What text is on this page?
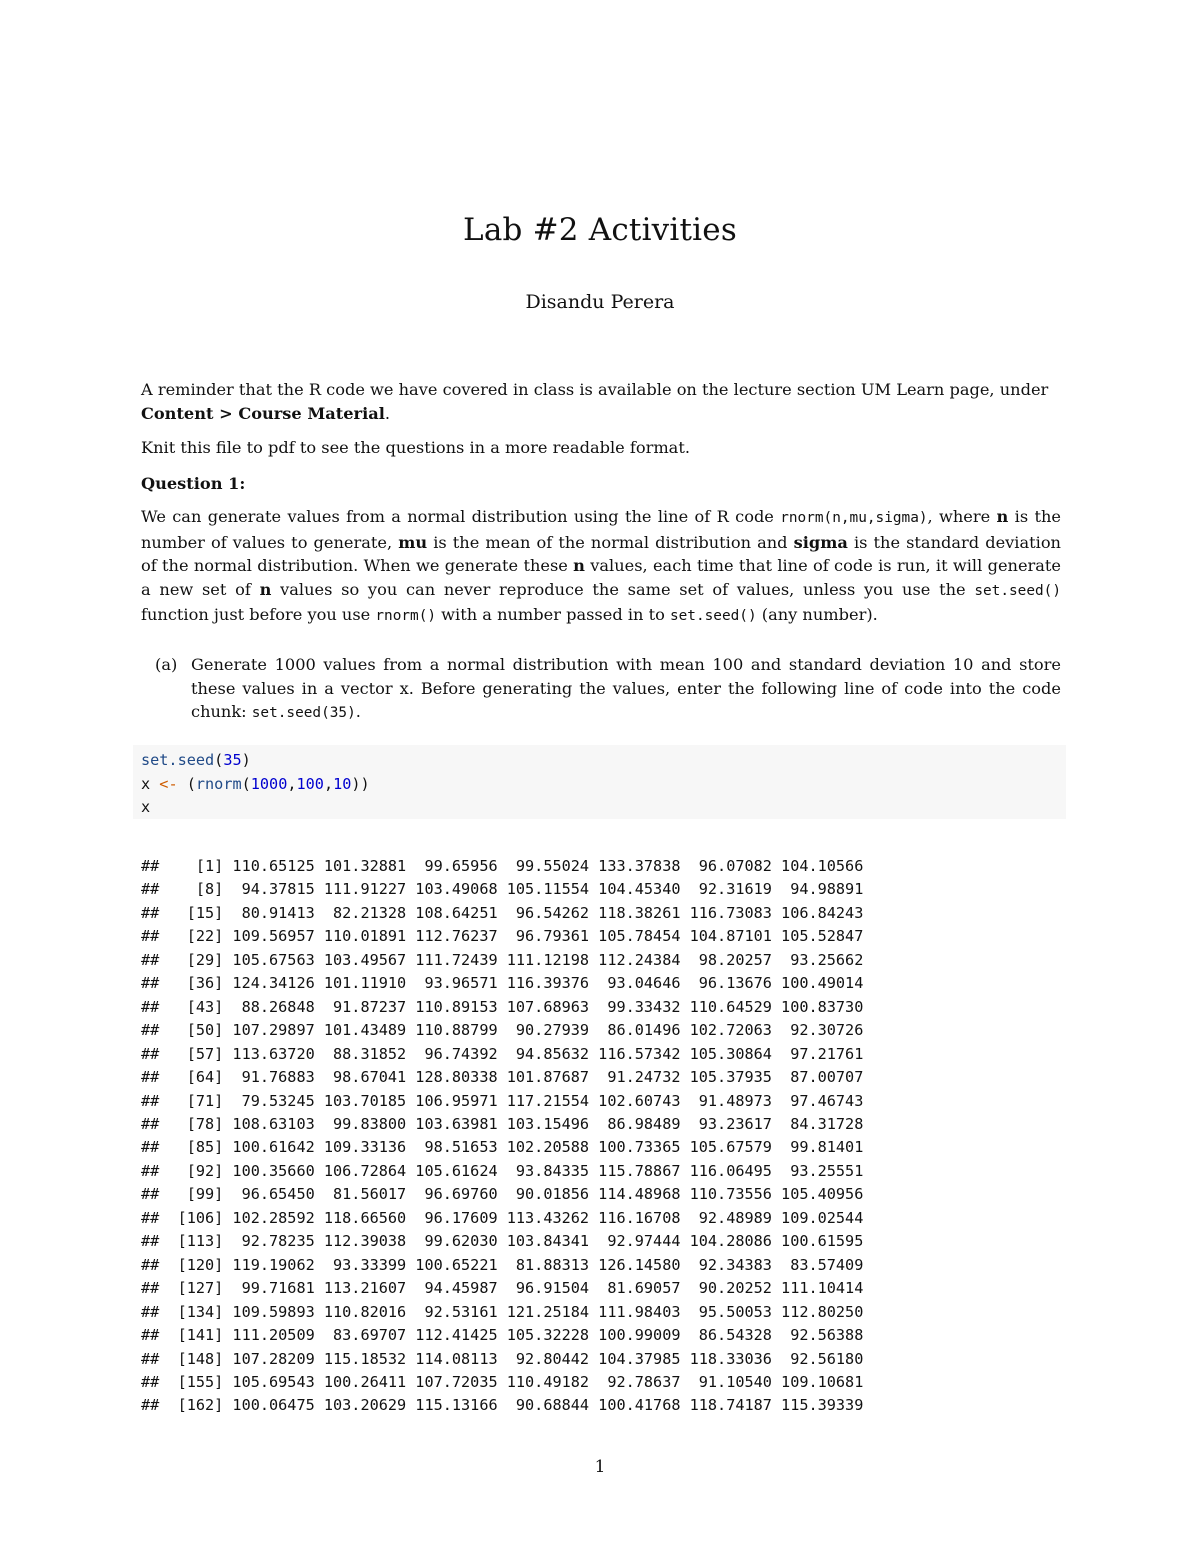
Lab #2 Activities
Disandu Perera
A reminder that the R code we have covered in class is available on the lecture section UM Learn page, under Content > Course Material.
Knit this file to pdf to see the questions in a more readable format.
Question 1:
We can generate values from a normal distribution using the line of R code rnorm(n,mu,sigma), where n is the number of values to generate, mu is the mean of the normal distribution and sigma is the standard deviation of the normal distribution. When we generate these n values, each time that line of code is run, it will generate a new set of n values so you can never reproduce the same set of values, unless you use the set.seed() function just before you use rnorm() with a number passed in to set.seed() (any number).
(a) Generate 1000 values from a normal distribution with mean 100 and standard deviation 10 and store these values in a vector x. Before generating the values, enter the following line of code into the code chunk: set.seed(35).
set.seed(35)
x <- (rnorm(1000,100,10))
x
##    [1] 110.65125 101.32881  99.65956  99.55024 133.37838  96.07082 104.10566
##    [8]  94.37815 111.91227 103.49068 105.11554 104.45340  92.31619  94.98891
##   [15]  80.91413  82.21328 108.64251  96.54262 118.38261 116.73083 106.84243
##   [22] 109.56957 110.01891 112.76237  96.79361 105.78454 104.87101 105.52847
##   [29] 105.67563 103.49567 111.72439 111.12198 112.24384  98.20257  93.25662
##   [36] 124.34126 101.11910  93.96571 116.39376  93.04646  96.13676 100.49014
##   [43]  88.26848  91.87237 110.89153 107.68963  99.33432 110.64529 100.83730
##   [50] 107.29897 101.43489 110.88799  90.27939  86.01496 102.72063  92.30726
##   [57] 113.63720  88.31852  96.74392  94.85632 116.57342 105.30864  97.21761
##   [64]  91.76883  98.67041 128.80338 101.87687  91.24732 105.37935  87.00707
##   [71]  79.53245 103.70185 106.95971 117.21554 102.60743  91.48973  97.46743
##   [78] 108.63103  99.83800 103.63981 103.15496  86.98489  93.23617  84.31728
##   [85] 100.61642 109.33136  98.51653 102.20588 100.73365 105.67579  99.81401
##   [92] 100.35660 106.72864 105.61624  93.84335 115.78867 116.06495  93.25551
##   [99]  96.65450  81.56017  96.69760  90.01856 114.48968 110.73556 105.40956
##  [106] 102.28592 118.66560  96.17609 113.43262 116.16708  92.48989 109.02544
##  [113]  92.78235 112.39038  99.62030 103.84341  92.97444 104.28086 100.61595
##  [120] 119.19062  93.33399 100.65221  81.88313 126.14580  92.34383  83.57409
##  [127]  99.71681 113.21607  94.45987  96.91504  81.69057  90.20252 111.10414
##  [134] 109.59893 110.82016  92.53161 121.25184 111.98403  95.50053 112.80250
##  [141] 111.20509  83.69707 112.41425 105.32228 100.99009  86.54328  92.56388
##  [148] 107.28209 115.18532 114.08113  92.80442 104.37985 118.33036  92.56180
##  [155] 105.69543 100.26411 107.72035 110.49182  92.78637  91.10540 109.10681
##  [162] 100.06475 103.20629 115.13166  90.68844 100.41768 118.74187 115.39339
1
